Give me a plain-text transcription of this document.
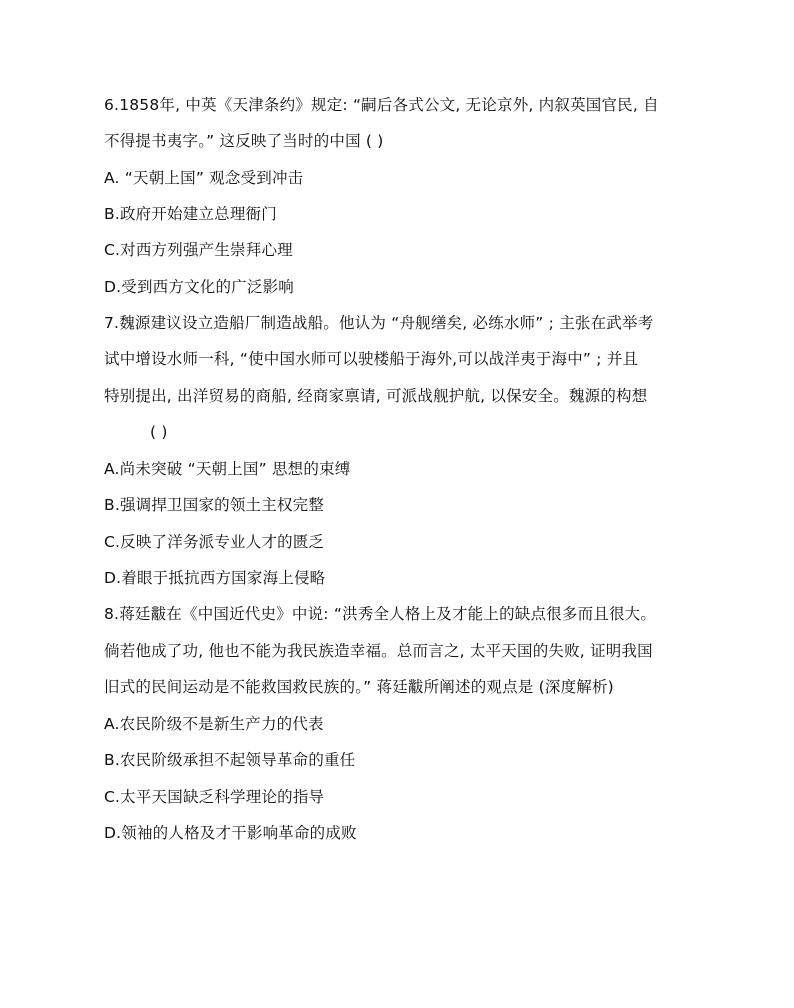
6.1858年, 中英《天津条约》规定: “嗣后各式公文, 无论京外, 内叙英国官民, 自
不得提书夷字。” 这反映了当时的中国 ( )
A. “天朝上国” 观念受到冲击
B.政府开始建立总理衙门
C.对西方列强产生崇拜心理
D.受到西方文化的广泛影响
7.魏源建议设立造船厂制造战船。他认为 “舟舰缮矣, 必练水师” ; 主张在武举考
试中增设水师一科, “使中国水师可以驶楼船于海外,可以战洋夷于海中” ; 并且
特别提出, 出洋贸易的商船, 经商家禀请, 可派战舰护航, 以保安全。魏源的构想
( )
A.尚未突破 “天朝上国” 思想的束缚
B.强调捍卫国家的领土主权完整
C.反映了洋务派专业人才的匮乏
D.着眼于抵抗西方国家海上侵略
8.蒋廷黻在《中国近代史》中说: “洪秀全人格上及才能上的缺点很多而且很大。
倘若他成了功, 他也不能为我民族造幸福。总而言之, 太平天国的失败, 证明我国
旧式的民间运动是不能救国救民族的。” 蒋廷黻所阐述的观点是 (深度解析)
A.农民阶级不是新生产力的代表
B.农民阶级承担不起领导革命的重任
C.太平天国缺乏科学理论的指导
D.领袖的人格及才干影响革命的成败
